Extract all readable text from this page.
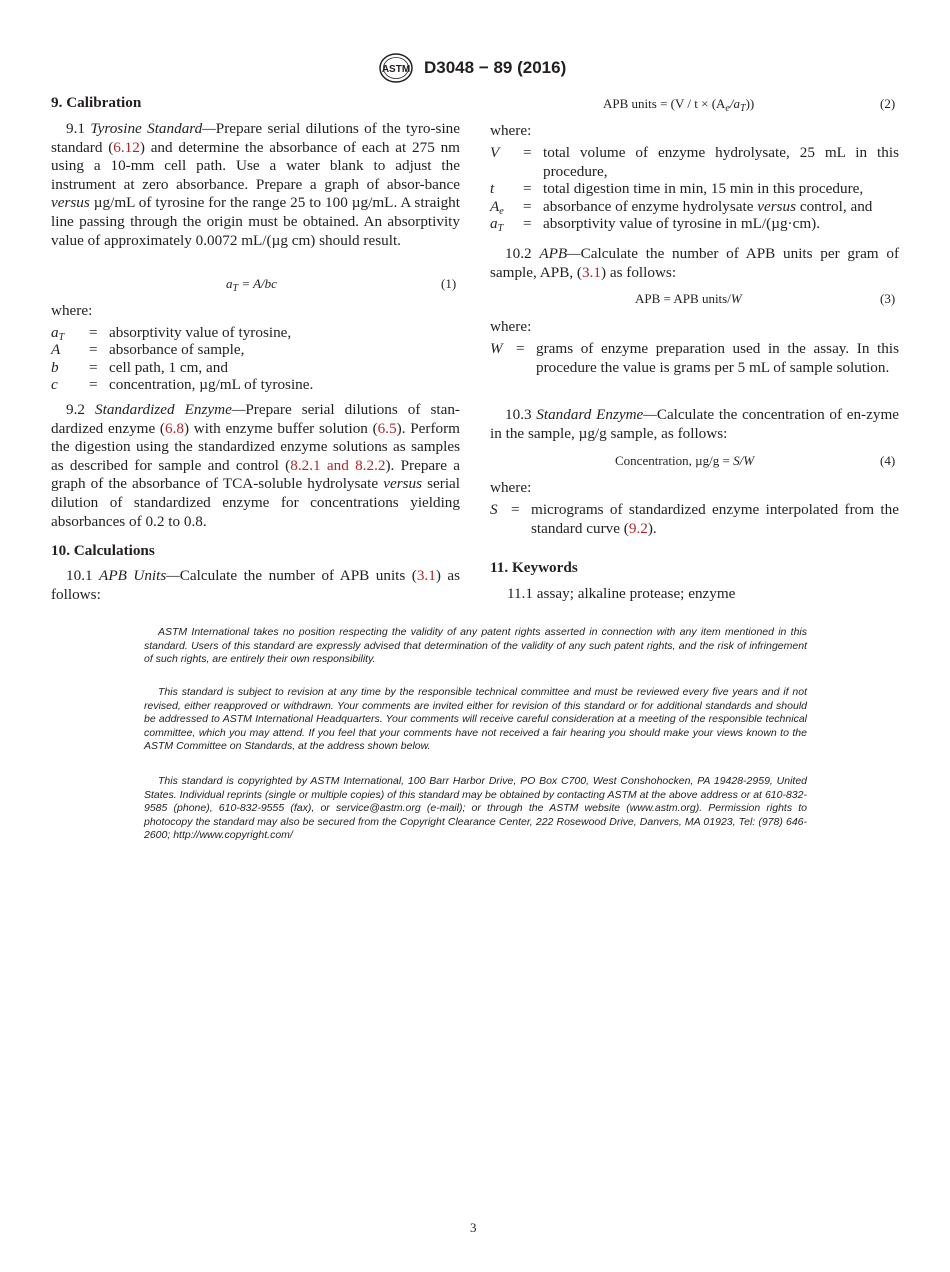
ASTM D3048 − 89 (2016)
9. Calibration
9.1 Tyrosine Standard—Prepare serial dilutions of the tyro-sine standard (6.12) and determine the absorbance of each at 275 nm using a 10-mm cell path. Use a water blank to adjust the instrument at zero absorbance. Prepare a graph of absor-bance versus µg/mL of tyrosine for the range 25 to 100 µg/mL. A straight line passing through the origin must be obtained. An absorptivity value of approximately 0.0072 mL/(µg cm) should result.
$a_T = A/bc$	(1)
where:
$a_T$ = absorptivity value of tyrosine,
A = absorbance of sample,
b = cell path, 1 cm, and
c = concentration, µg/mL of tyrosine.
9.2 Standardized Enzyme—Prepare serial dilutions of stan-dardized enzyme (6.8) with enzyme buffer solution (6.5). Perform the digestion using the standardized enzyme solutions as samples as described for sample and control (8.2.1 and 8.2.2). Prepare a graph of the absorbance of TCA-soluble hydrolysate versus serial dilution of standardized enzyme for concentrations yielding absorbances of 0.2 to 0.8.
10. Calculations
10.1 APB Units—Calculate the number of APB units (3.1) as follows:
APB units = $(V / t \times (A_e/a_T))$	(2)
where:
V = total volume of enzyme hydrolysate, 25 mL in this procedure,
t = total digestion time in min, 15 min in this procedure,
$A_e$ = absorbance of enzyme hydrolysate versus control, and
$a_T$ = absorptivity value of tyrosine in mL/(µg·cm).
10.2 APB—Calculate the number of APB units per gram of sample, APB, (3.1) as follows:
APB = APB units/W	(3)
where:
W = grams of enzyme preparation used in the assay. In this procedure the value is grams per 5 mL of sample solution.
10.3 Standard Enzyme—Calculate the concentration of en-zyme in the sample, µg/g sample, as follows:
Concentration, µg/g = S/W	(4)
where:
S = micrograms of standardized enzyme interpolated from the standard curve (9.2).
11. Keywords
11.1 assay; alkaline protease; enzyme
ASTM International takes no position respecting the validity of any patent rights asserted in connection with any item mentioned in this standard. Users of this standard are expressly advised that determination of the validity of any such patent rights, and the risk of infringement of such rights, are entirely their own responsibility.
This standard is subject to revision at any time by the responsible technical committee and must be reviewed every five years and if not revised, either reapproved or withdrawn. Your comments are invited either for revision of this standard or for additional standards and should be addressed to ASTM International Headquarters. Your comments will receive careful consideration at a meeting of the responsible technical committee, which you may attend. If you feel that your comments have not received a fair hearing you should make your views known to the ASTM Committee on Standards, at the address shown below.
This standard is copyrighted by ASTM International, 100 Barr Harbor Drive, PO Box C700, West Conshohocken, PA 19428-2959, United States. Individual reprints (single or multiple copies) of this standard may be obtained by contacting ASTM at the above address or at 610-832-9585 (phone), 610-832-9555 (fax), or service@astm.org (e-mail); or through the ASTM website (www.astm.org). Permission rights to photocopy the standard may also be secured from the Copyright Clearance Center, 222 Rosewood Drive, Danvers, MA 01923, Tel: (978) 646-2600; http://www.copyright.com/
3
